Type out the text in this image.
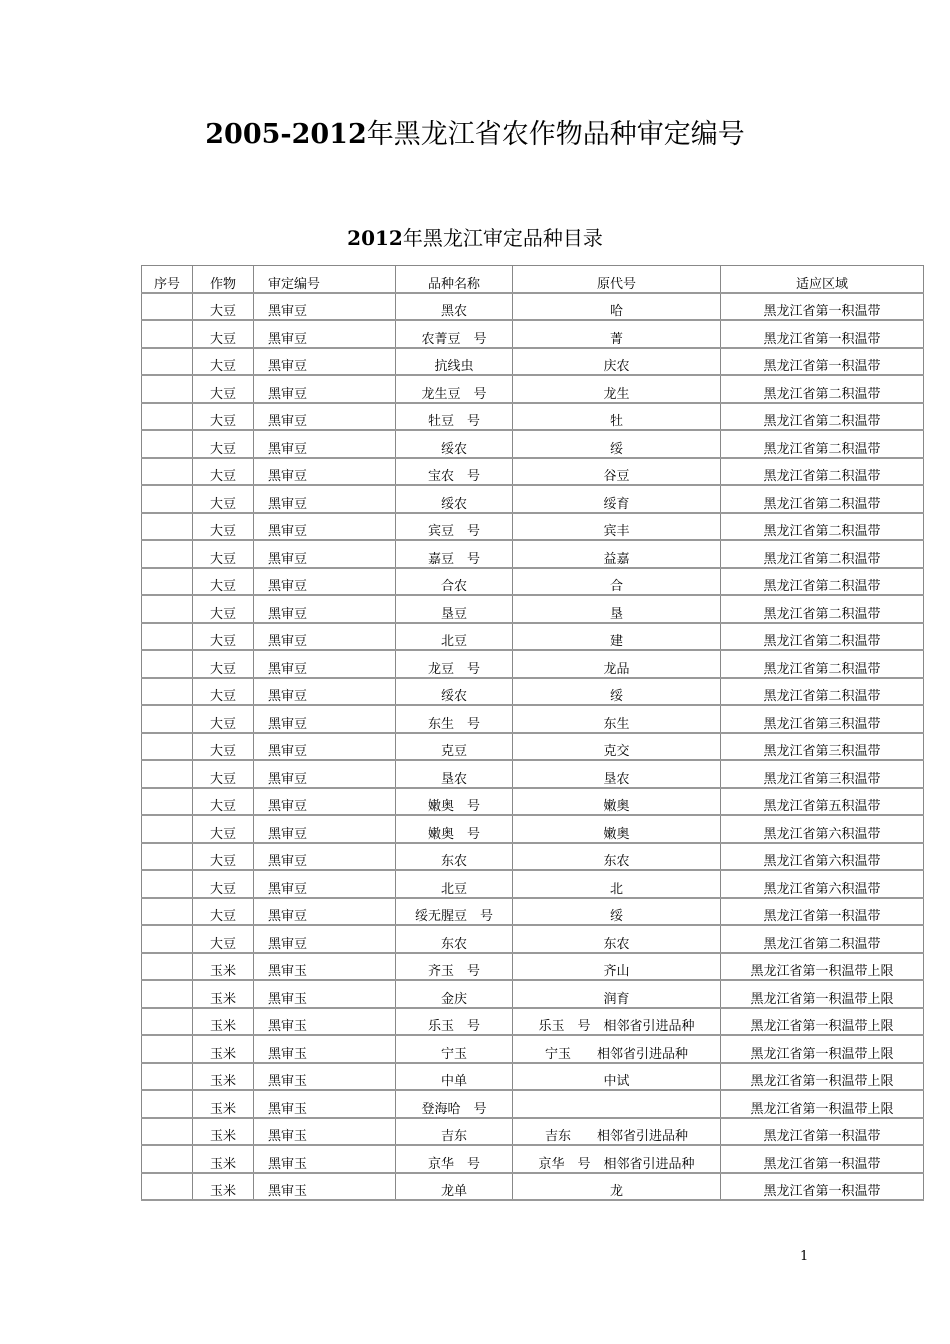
2005-2012年黑龙江省农作物品种审定编号
2012年黑龙江审定品种目录
序号	作物	审定编号	品种名称	原代号	适应区域
	大豆	黑审豆	黑农	哈	黑龙江省第一积温带
	大豆	黑审豆	农菁豆　号	菁	黑龙江省第一积温带
	大豆	黑审豆	抗线虫	庆农	黑龙江省第一积温带
	大豆	黑审豆	龙生豆　号	龙生	黑龙江省第二积温带
	大豆	黑审豆	牡豆　号	牡	黑龙江省第二积温带
	大豆	黑审豆	绥农	绥	黑龙江省第二积温带
	大豆	黑审豆	宝农　号	谷豆	黑龙江省第二积温带
	大豆	黑审豆	绥农	绥育	黑龙江省第二积温带
	大豆	黑审豆	宾豆　号	宾丰	黑龙江省第二积温带
	大豆	黑审豆	嘉豆　号	益嘉	黑龙江省第二积温带
	大豆	黑审豆	合农	合	黑龙江省第二积温带
	大豆	黑审豆	垦豆	垦	黑龙江省第二积温带
	大豆	黑审豆	北豆	建	黑龙江省第二积温带
	大豆	黑审豆	龙豆　号	龙品	黑龙江省第二积温带
	大豆	黑审豆	绥农	绥	黑龙江省第二积温带
	大豆	黑审豆	东生　号	东生	黑龙江省第三积温带
	大豆	黑审豆	克豆	克交	黑龙江省第三积温带
	大豆	黑审豆	垦农	垦农	黑龙江省第三积温带
	大豆	黑审豆	嫩奥　号	嫩奥	黑龙江省第五积温带
	大豆	黑审豆	嫩奥　号	嫩奥	黑龙江省第六积温带
	大豆	黑审豆	东农	东农	黑龙江省第六积温带
	大豆	黑审豆	北豆	北	黑龙江省第六积温带
	大豆	黑审豆	绥无腥豆　号	绥	黑龙江省第一积温带
	大豆	黑审豆	东农	东农	黑龙江省第二积温带
	玉米	黑审玉	齐玉　号	齐山	黑龙江省第一积温带上限
	玉米	黑审玉	金庆	润育	黑龙江省第一积温带上限
	玉米	黑审玉	乐玉　号	乐玉　号　相邻省引进品种	黑龙江省第一积温带上限
	玉米	黑审玉	宁玉	宁玉　　相邻省引进品种	黑龙江省第一积温带上限
	玉米	黑审玉	中单	中试	黑龙江省第一积温带上限
	玉米	黑审玉	登海哈　号		黑龙江省第一积温带上限
	玉米	黑审玉	吉东	吉东　　相邻省引进品种	黑龙江省第一积温带
	玉米	黑审玉	京华　号	京华　号　相邻省引进品种	黑龙江省第一积温带
	玉米	黑审玉	龙单	龙	黑龙江省第一积温带
1
